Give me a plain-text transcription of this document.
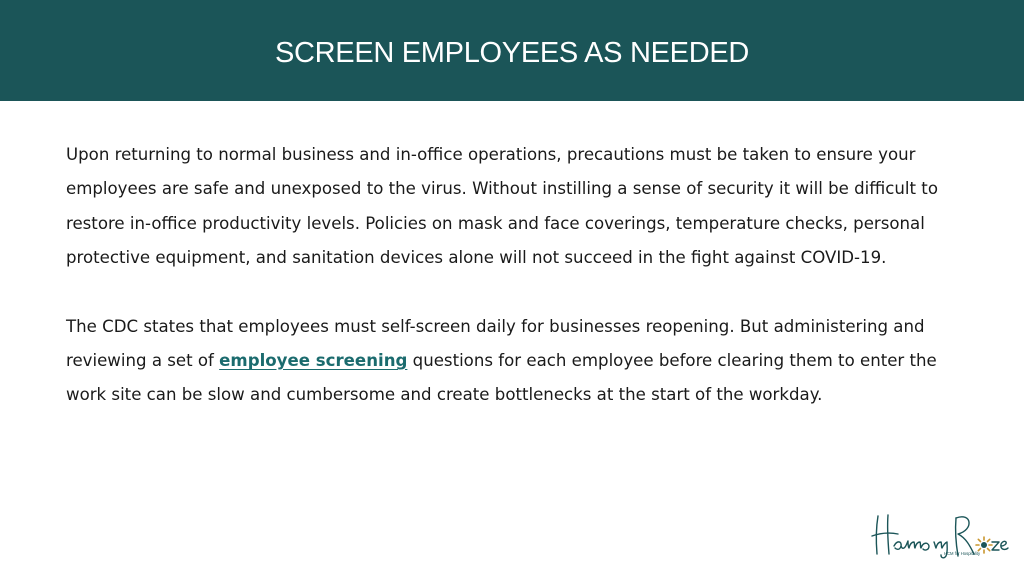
SCREEN EMPLOYEES AS NEEDED

Upon returning to normal business and in-office operations, precautions must be taken to ensure your employees are safe and unexposed to the virus. Without instilling a sense of security it will be difficult to restore in-office productivity levels. Policies on mask and face coverings, temperature checks, personal protective equipment, and sanitation devices alone will not succeed in the fight against COVID-19.

The CDC states that employees must self-screen daily for businesses reopening. But administering and reviewing a set of employee screening questions for each employee before clearing them to enter the work site can be slow and cumbersome and create bottlenecks at the start of the workday.

HCM for Hospitality
